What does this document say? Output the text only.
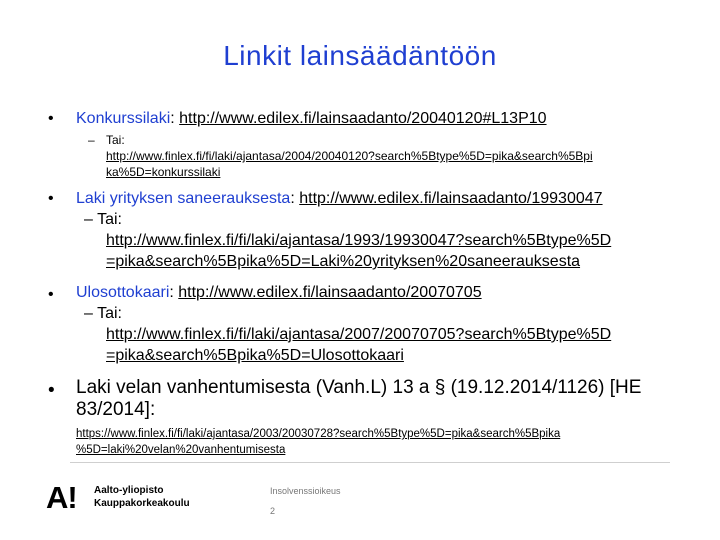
Linkit lainsäädäntöön
• Konkurssilaki: http://www.edilex.fi/lainsaadanto/20040120#L13P10
– Tai:
http://www.finlex.fi/fi/laki/ajantasa/2004/20040120?search%5Btype%5D=pika&search%5Bpi
ka%5D=konkurssilaki
• Laki yrityksen saneerauksesta: http://www.edilex.fi/lainsaadanto/19930047
– Tai:
http://www.finlex.fi/fi/laki/ajantasa/1993/19930047?search%5Btype%5D
=pika&search%5Bpika%5D=Laki%20yrityksen%20saneerauksesta
• Ulosottokaari: http://www.edilex.fi/lainsaadanto/20070705
– Tai:
http://www.finlex.fi/fi/laki/ajantasa/2007/20070705?search%5Btype%5D
=pika&search%5Bpika%5D=Ulosottokaari
• Laki velan vanhentumisesta (Vanh.L) 13 a § (19.12.2014/1126) [HE
83/2014]:
https://www.finlex.fi/fi/laki/ajantasa/2003/20030728?search%5Btype%5D=pika&search%5Bpika
%5D=laki%20velan%20vanhentumisesta
A! Aalto-yliopisto
Kauppakorkeakoulu
Insolvenssioikeus
2
